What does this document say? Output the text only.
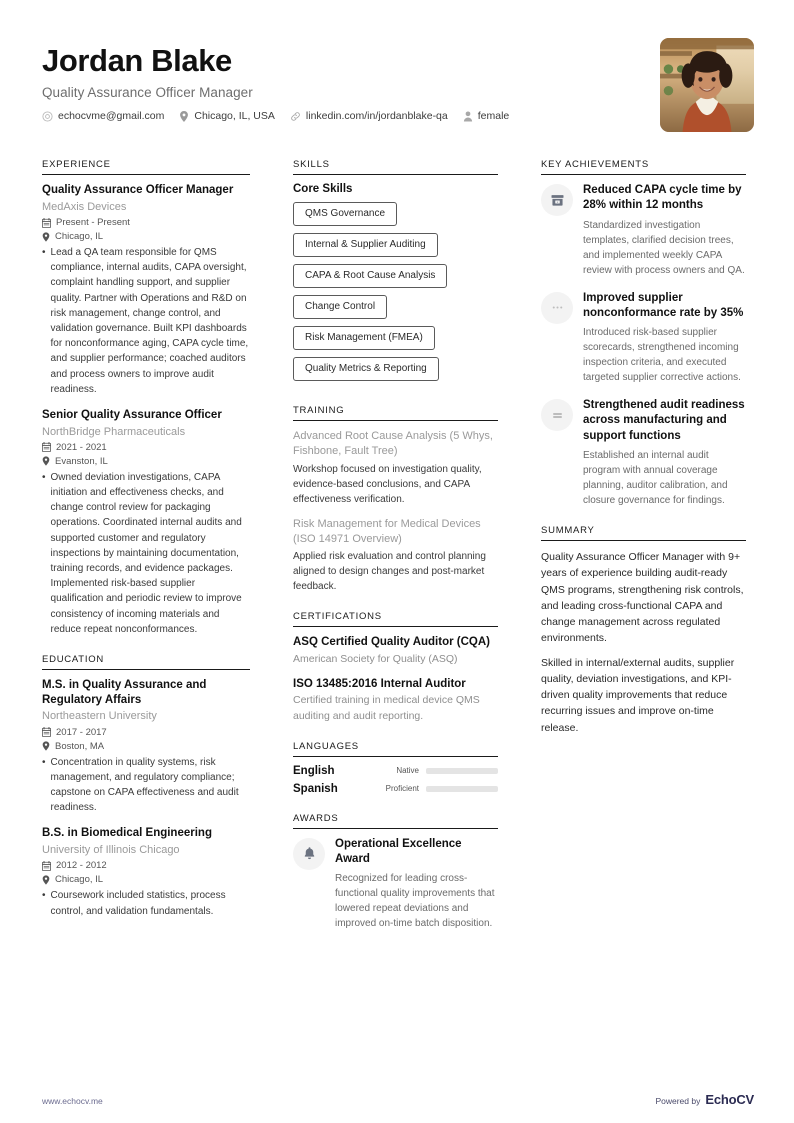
Jordan Blake
Quality Assurance Officer Manager
echocvme@gmail.com	Chicago, IL, USA	linkedin.com/in/jordanblake-qa	female
EXPERIENCE
Quality Assurance Officer Manager
MedAxis Devices
Present - Present
Chicago, IL
• Lead a QA team responsible for QMS compliance, internal audits, CAPA oversight, complaint handling support, and supplier quality. Partner with Operations and R&D on risk management, change control, and validation governance. Built KPI dashboards for nonconformance aging, CAPA cycle time, and supplier performance; coached auditors and process owners to improve audit readiness.
Senior Quality Assurance Officer
NorthBridge Pharmaceuticals
2021 - 2021
Evanston, IL
• Owned deviation investigations, CAPA initiation and effectiveness checks, and change control review for packaging operations. Coordinated internal audits and supported customer and regulatory inspections by maintaining documentation, training records, and evidence packages. Implemented risk-based supplier qualification and periodic review to improve consistency of incoming materials and reduce repeat nonconformances.
EDUCATION
M.S. in Quality Assurance and Regulatory Affairs
Northeastern University
2017 - 2017
Boston, MA
• Concentration in quality systems, risk management, and regulatory compliance; capstone on CAPA effectiveness and audit readiness.
B.S. in Biomedical Engineering
University of Illinois Chicago
2012 - 2012
Chicago, IL
• Coursework included statistics, process control, and validation fundamentals.
SKILLS
Core Skills
QMS Governance
Internal & Supplier Auditing
CAPA & Root Cause Analysis
Change Control
Risk Management (FMEA)
Quality Metrics & Reporting
TRAINING
Advanced Root Cause Analysis (5 Whys, Fishbone, Fault Tree)
Workshop focused on investigation quality, evidence-based conclusions, and CAPA effectiveness verification.
Risk Management for Medical Devices (ISO 14971 Overview)
Applied risk evaluation and control planning aligned to design changes and post-market feedback.
CERTIFICATIONS
ASQ Certified Quality Auditor (CQA)
American Society for Quality (ASQ)
ISO 13485:2016 Internal Auditor
Certified training in medical device QMS auditing and audit reporting.
LANGUAGES
English	Native
Spanish	Proficient
AWARDS
Operational Excellence Award
Recognized for leading cross-functional quality improvements that lowered repeat deviations and improved on-time batch disposition.
KEY ACHIEVEMENTS
x
Reduced CAPA cycle time by 28% within 12 months
Standardized investigation templates, clarified decision trees, and implemented weekly CAPA review with process owners and QA.
Improved supplier nonconformance rate by 35%
Introduced risk-based supplier scorecards, strengthened incoming inspection criteria, and executed targeted supplier corrective actions.
Strengthened audit readiness across manufacturing and support functions
Established an internal audit program with annual coverage planning, auditor calibration, and closure governance for findings.
SUMMARY
Quality Assurance Officer Manager with 9+ years of experience building audit-ready QMS programs, strengthening risk controls, and leading cross-functional CAPA and change management across regulated environments.
Skilled in internal/external audits, supplier quality, deviation investigations, and KPI-driven quality improvements that reduce recurring issues and improve on-time release.
www.echocv.me	Powered by EchoCV
